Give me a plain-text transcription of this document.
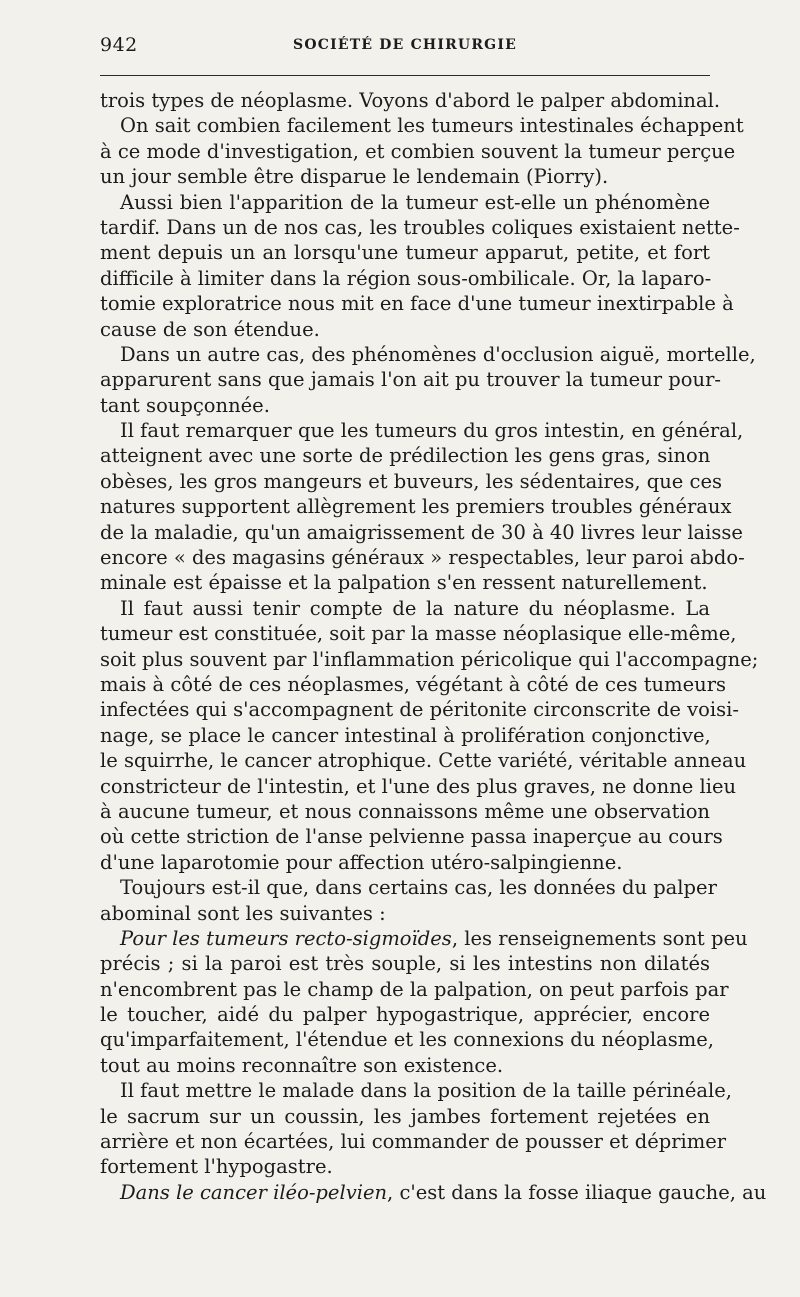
942	SOCIÉTÉ DE CHIRURGIE
trois types de néoplasme. Voyons d'abord le palper abdominal.
On sait combien facilement les tumeurs intestinales échappent
à ce mode d'investigation, et combien souvent la tumeur perçue
un jour semble être disparue le lendemain (Piorry).
Aussi bien l'apparition de la tumeur est-elle un phénomène
tardif. Dans un de nos cas, les troubles coliques existaient nette-
ment depuis un an lorsqu'une tumeur apparut, petite, et fort
difficile à limiter dans la région sous-ombilicale. Or, la laparo-
tomie exploratrice nous mit en face d'une tumeur inextirpable à
cause de son étendue.
Dans un autre cas, des phénomènes d'occlusion aiguë, mortelle,
apparurent sans que jamais l'on ait pu trouver la tumeur pour-
tant soupçonnée.
Il faut remarquer que les tumeurs du gros intestin, en général,
atteignent avec une sorte de prédilection les gens gras, sinon
obèses, les gros mangeurs et buveurs, les sédentaires, que ces
natures supportent allègrement les premiers troubles généraux
de la maladie, qu'un amaigrissement de 30 à 40 livres leur laisse
encore « des magasins généraux » respectables, leur paroi abdo-
minale est épaisse et la palpation s'en ressent naturellement.
Il faut aussi tenir compte de la nature du néoplasme. La
tumeur est constituée, soit par la masse néoplasique elle-même,
soit plus souvent par l'inflammation péricolique qui l'accompagne;
mais à côté de ces néoplasmes, végétant à côté de ces tumeurs
infectées qui s'accompagnent de péritonite circonscrite de voisi-
nage, se place le cancer intestinal à prolifération conjonctive,
le squirrhe, le cancer atrophique. Cette variété, véritable anneau
constricteur de l'intestin, et l'une des plus graves, ne donne lieu
à aucune tumeur, et nous connaissons même une observation
où cette striction de l'anse pelvienne passa inaperçue au cours
d'une laparotomie pour affection utéro-salpingienne.
Toujours est-il que, dans certains cas, les données du palper
abominal sont les suivantes :
Pour les tumeurs recto-sigmoïdes, les renseignements sont peu
précis ; si la paroi est très souple, si les intestins non dilatés
n'encombrent pas le champ de la palpation, on peut parfois par
le toucher, aidé du palper hypogastrique, apprécier, encore
qu'imparfaitement, l'étendue et les connexions du néoplasme,
tout au moins reconnaître son existence.
Il faut mettre le malade dans la position de la taille périnéale,
le sacrum sur un coussin, les jambes fortement rejetées en
arrière et non écartées, lui commander de pousser et déprimer
fortement l'hypogastre.
Dans le cancer iléo-pelvien, c'est dans la fosse iliaque gauche, au
